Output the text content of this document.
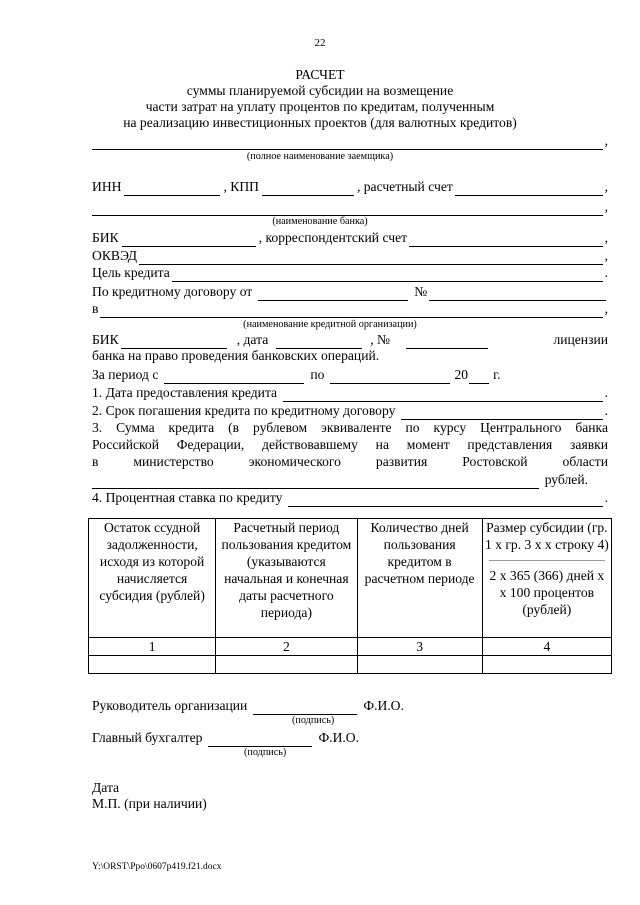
22
РАСЧЕТ
суммы планируемой субсидии на возмещение
части затрат на уплату процентов по кредитам, полученным
на реализацию инвестиционных проектов (для валютных кредитов)
,
(полное наименование заемщика)
ИНН	, КПП	, расчетный счет	,
,
(наименование банка)
БИК	, корреспондентский счет	,
ОКВЭД	,
Цель кредита	.
По кредитному договору от	№
в	,
(наименование кредитной организации)
БИК	, дата	, №	лицензии
банка на право проведения банковских операций.
За период с	по	20 г.
1. Дата предоставления кредита	.
2. Срок погашения кредита по кредитному договору	.
3. Сумма кредита (в рублевом эквиваленте по курсу Центрального банка
Российской Федерации, действовавшему на момент представления заявки
в министерство экономического развития Ростовской области
рублей.
4. Процентная ставка по кредиту	.
Остаток ссудной задолженности, исходя из которой начисляется субсидия (рублей)	Расчетный период пользования кредитом (указываются начальная и конечная даты расчетного периода)	Количество дней пользования кредитом в расчетном периоде	Размер субсидии (гр. 1 х гр. 3 х х строку 4)
2 х 365 (366) дней х х 100 процентов (рублей)

1	2	3	4

Руководитель организации	Ф.И.О.
(подпись)
Главный бухгалтер	Ф.И.О.
(подпись)
Дата
М.П. (при наличии)
Y:\ORST\Ppo\0607p419.f21.docx
